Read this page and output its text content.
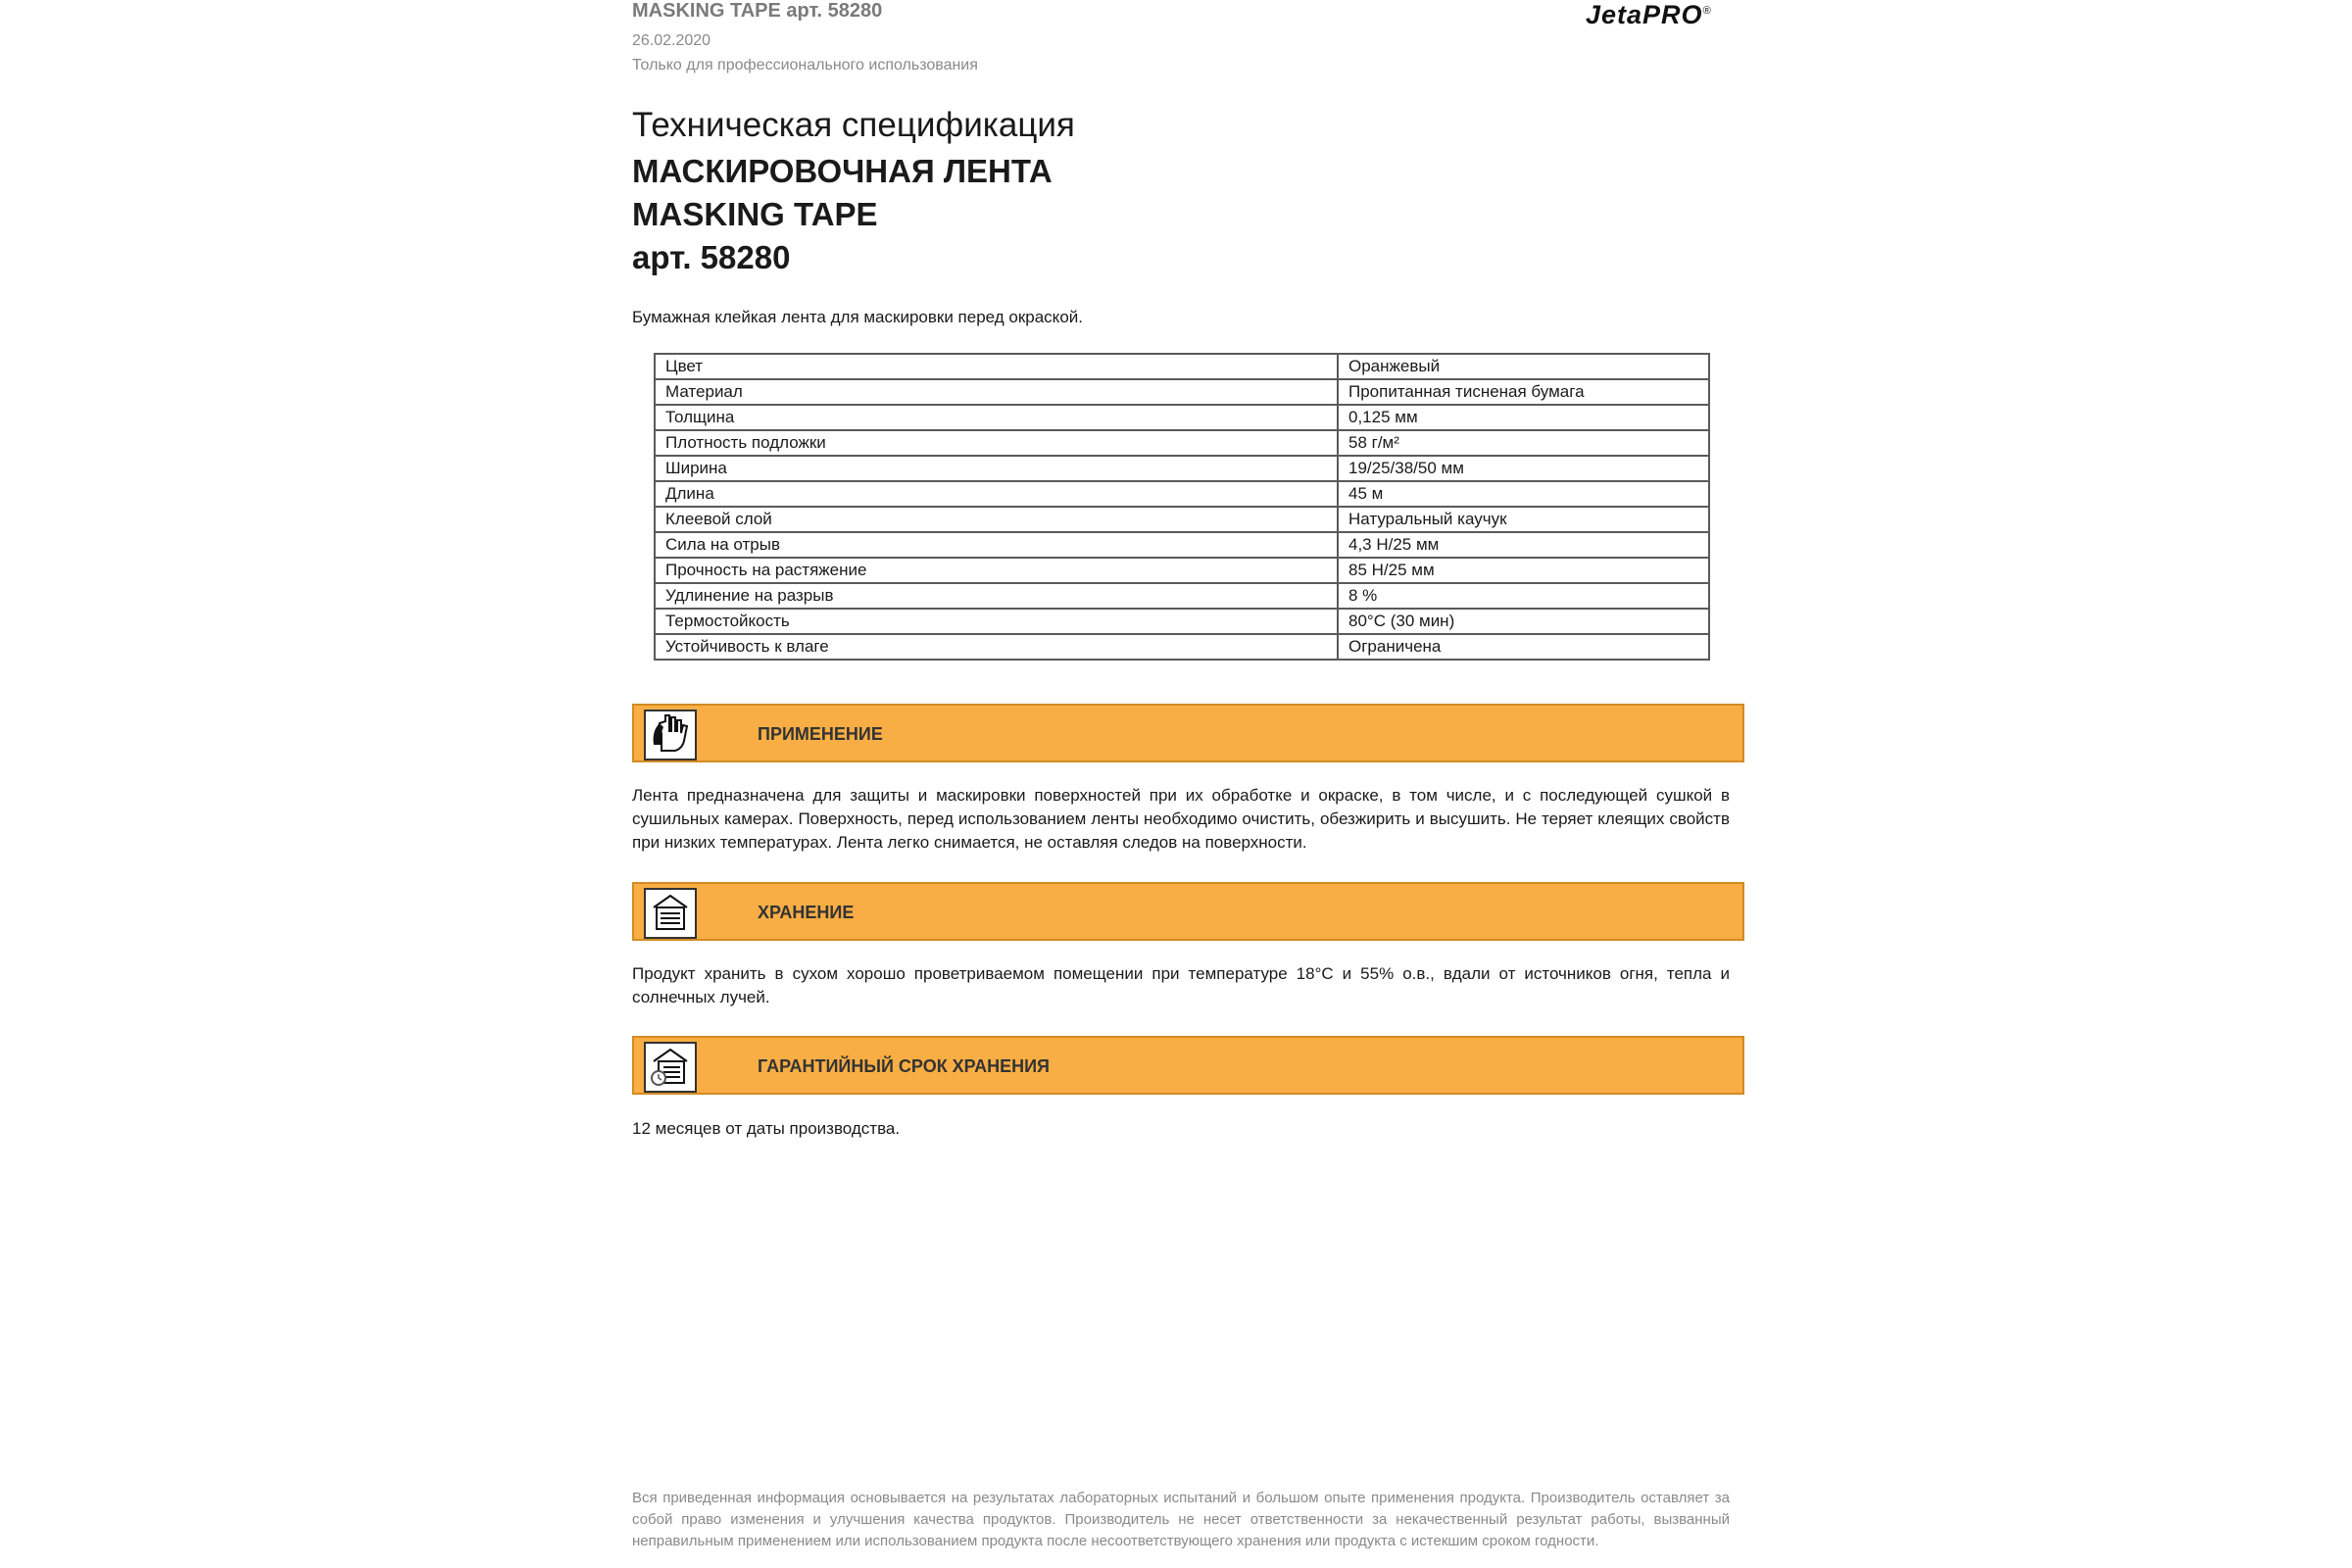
MASKING TAPE арт. 58280
26.02.2020
Только для профессионального использования
JetaPRO®
Техническая спецификация
МАСКИРОВОЧНАЯ ЛЕНТА
MASKING TAPE
арт. 58280
Бумажная клейкая лента для маскировки перед окраской.
Цвет	Оранжевый
Материал	Пропитанная тисненая бумага
Толщина	0,125 мм
Плотность подложки	58 г/м²
Ширина	19/25/38/50 мм
Длина	45 м
Клеевой слой	Натуральный каучук
Сила на отрыв	4,3 Н/25 мм
Прочность на растяжение	85 Н/25 мм
Удлинение на разрыв	8 %
Термостойкость	80°С (30 мин)
Устойчивость к влаге	Ограничена
ПРИМЕНЕНИЕ
Лента предназначена для защиты и маскировки поверхностей при их обработке и окраске, в том числе, и с последующей сушкой в сушильных камерах. Поверхность, перед использованием ленты необходимо очистить, обезжирить и высушить. Не теряет клеящих свойств при низких температурах. Лента легко снимается, не оставляя следов на поверхности.
ХРАНЕНИЕ
Продукт хранить в сухом хорошо проветриваемом помещении при температуре 18°С и 55% о.в., вдали от источников огня, тепла и солнечных лучей.
ГАРАНТИЙНЫЙ СРОК ХРАНЕНИЯ
12 месяцев от даты производства.
Вся приведенная информация основывается на результатах лабораторных испытаний и большом опыте применения продукта. Производитель оставляет за собой право изменения и улучшения качества продуктов. Производитель не несет ответственности за некачественный результат работы, вызванный неправильным применением или использованием продукта после несоответствующего хранения или продукта с истекшим сроком годности.
